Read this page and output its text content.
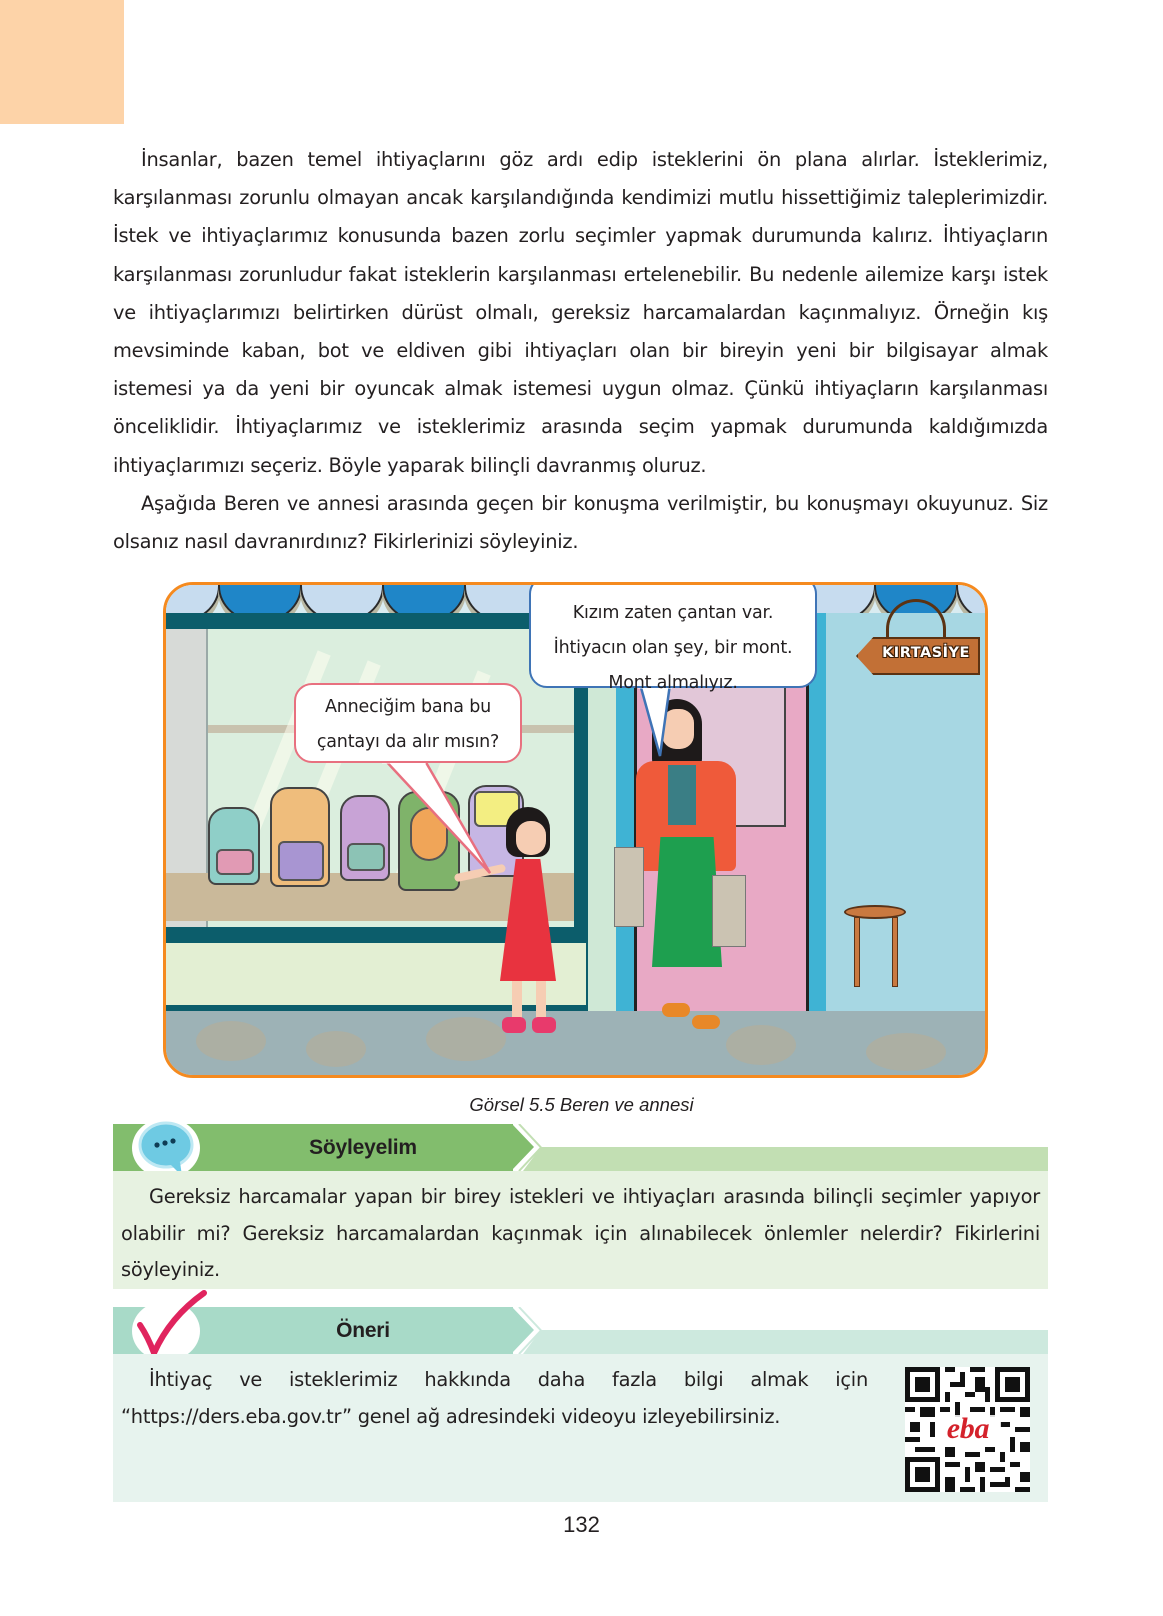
İnsanlar, bazen temel ihtiyaçlarını göz ardı edip isteklerini ön plana alırlar. İsteklerimiz, karşılanması zorunlu olmayan ancak karşılandığında kendimizi mutlu hissettiğimiz taleplerimizdir. İstek ve ihtiyaçlarımız konusunda bazen zorlu seçimler yapmak durumunda kalırız. İhtiyaçların karşılanması zorunludur fakat isteklerin karşılanması ertelenebilir. Bu nedenle ailemize karşı istek ve ihtiyaçlarımızı belirtirken dürüst olmalı, gereksiz harcamalardan kaçınmalıyız. Örneğin kış mevsiminde kaban, bot ve eldiven gibi ihtiyaçları olan bir bireyin yeni bir bilgisayar almak istemesi ya da yeni bir oyuncak almak istemesi uygun olmaz. Çünkü ihtiyaçların karşılanması önceliklidir. İhtiyaçlarımız ve isteklerimiz arasında seçim yapmak durumunda kaldığımızda ihtiyaçlarımızı seçeriz. Böyle yaparak bilinçli davranmış oluruz.

Aşağıda Beren ve annesi arasında geçen bir konuşma verilmiştir, bu konuşmayı okuyunuz. Siz olsanız nasıl davranırdınız? Fikirlerinizi söyleyiniz.

KIRTASİYE
Anneciğim bana bu
çantayı da alır mısın?
Kızım zaten çantan var.
İhtiyacın olan şey, bir mont.
Mont almalıyız.
Görsel 5.5 Beren ve annesi
Söyleyelim

Gereksiz harcamalar yapan bir birey istekleri ve ihtiyaçları arasında bilinçli seçimler yapıyor olabilir mi? Gereksiz harcamalardan kaçınmak için alınabilecek önlemler nelerdir? Fikirlerini söyleyiniz.

Öneri

İhtiyaç ve isteklerimiz hakkında daha fazla bilgi almak için “https://ders.eba.gov.tr” genel ağ adresindeki videoyu izleyebilirsiniz.	eba
132
